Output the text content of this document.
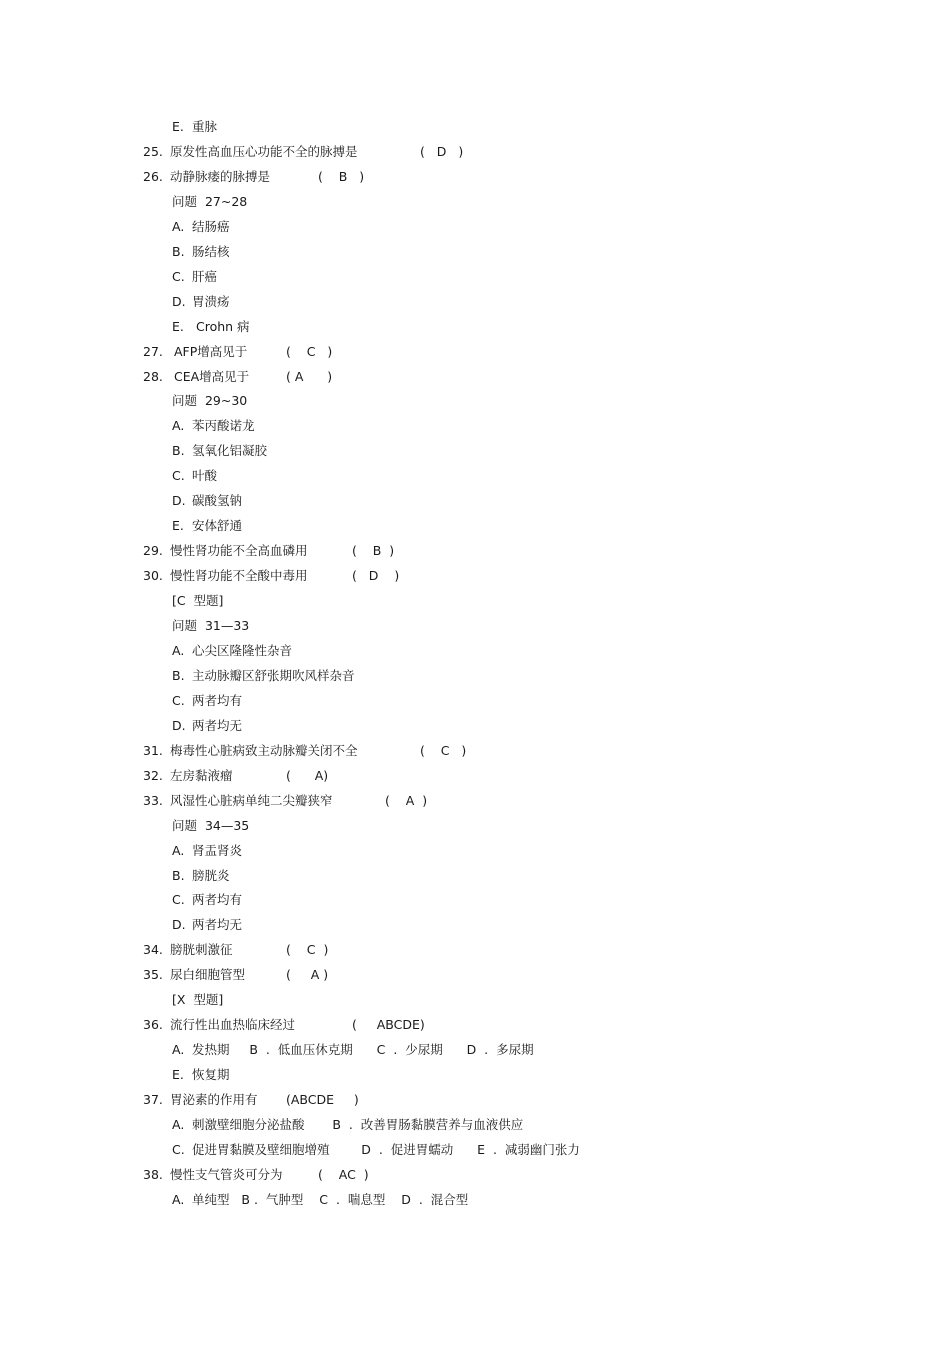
E. 重脉
25. 原发性高血压心功能不全的脉搏是	(   D   )
26. 动静脉瘘的脉搏是	(    B   )
问题  27~28
A. 结肠癌
B. 肠结核
C. 肝癌
D. 胃溃疡
E. Crohn 病
27. AFP增高见于	(    C   )
28. CEA增高见于	( A      )
问题  29~30
A. 苯丙酸诺龙
B. 氢氧化铝凝胶
C. 叶酸
D. 碳酸氢钠
E. 安体舒通
29. 慢性肾功能不全高血磷用	(    B  )
30. 慢性肾功能不全酸中毒用	(   D    )
[C  型题]
问题  31—33
A. 心尖区隆隆性杂音
B. 主动脉瓣区舒张期吹风样杂音
C. 两者均有
D. 两者均无
31. 梅毒性心脏病致主动脉瓣关闭不全	(    C   )
32. 左房黏液瘤	(      A)
33. 风湿性心脏病单纯二尖瓣狭窄	(    A  )
问题  34—35
A. 肾盂肾炎
B. 膀胱炎
C. 两者均有
D. 两者均无
34. 膀胱刺激征	(    C  )
35. 尿白细胞管型	(     A )
[X  型题]
36. 流行性出血热临床经过	(     ABCDE)
A. 发热期     B  .  低血压休克期      C  .  少尿期      D  .  多尿期
E. 恢复期
37. 胃泌素的作用有 (ABCDE     )
A. 刺激壁细胞分泌盐酸       B  .  改善胃肠黏膜营养与血液供应
C. 促进胃黏膜及壁细胞增殖        D  .  促进胃蠕动      E  .  减弱幽门张力
38. 慢性支气管炎可分为	(    AC  )
A. 单纯型   B .  气肿型    C  .  喘息型    D  .  混合型
